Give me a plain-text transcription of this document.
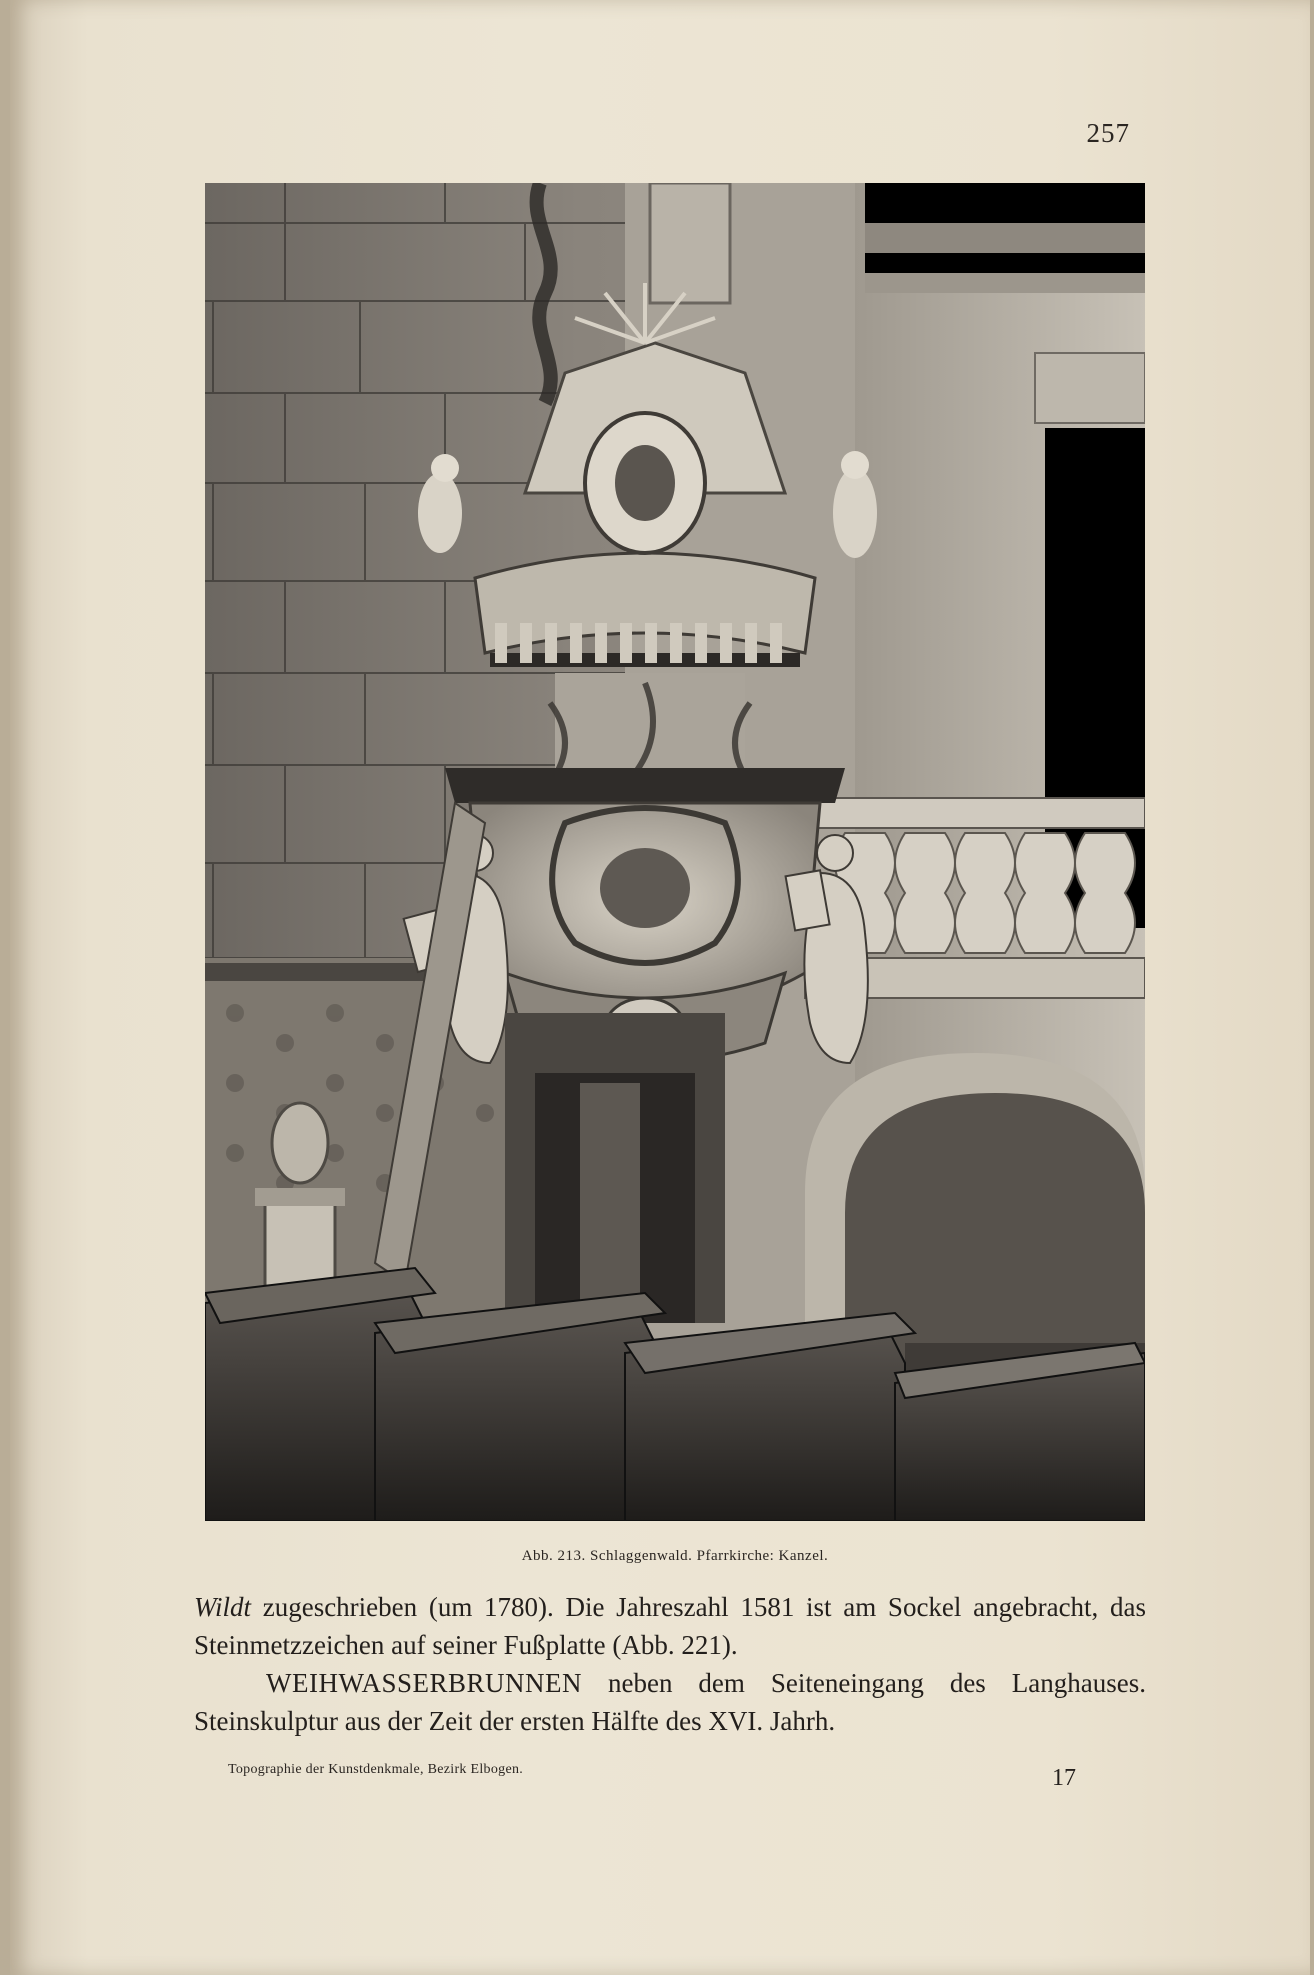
257
Abb. 213. Schlaggenwald. Pfarrkirche: Kanzel.

Wildt zugeschrieben (um 1780). Die Jahreszahl 1581 ist am Sockel angebracht, das Steinmetzzeichen auf seiner Fußplatte (Abb. 221).

WEIHWASSERBRUNNEN neben dem Seiteneingang des Langhauses. Steinskulptur aus der Zeit der ersten Hälfte des XVI. Jahrh.

Topographie der Kunstdenkmale, Bezirk Elbogen.	17
